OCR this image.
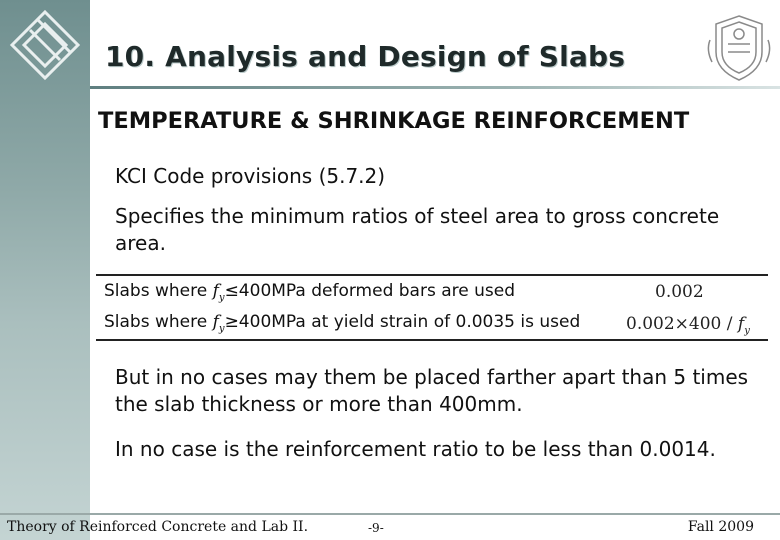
10. Analysis and Design of Slabs
TEMPERATURE & SHRINKAGE REINFORCEMENT
KCI Code provisions (5.7.2)
Specifies the minimum ratios of steel area to gross concrete area.
Slabs where $f_y\le 400MPa$ deformed bars are used	0.002
Slabs where $f_y\ge 400MPa$ at yield strain of 0.0035 is used	$0.002\times 400 / f_y$
But in no cases may them be placed farther apart than 5 times the slab thickness or more than 400mm.
In no case is the reinforcement ratio to be less than 0.0014.
Theory of Reinforced Concrete and Lab II.	-9-	Fall 2009
